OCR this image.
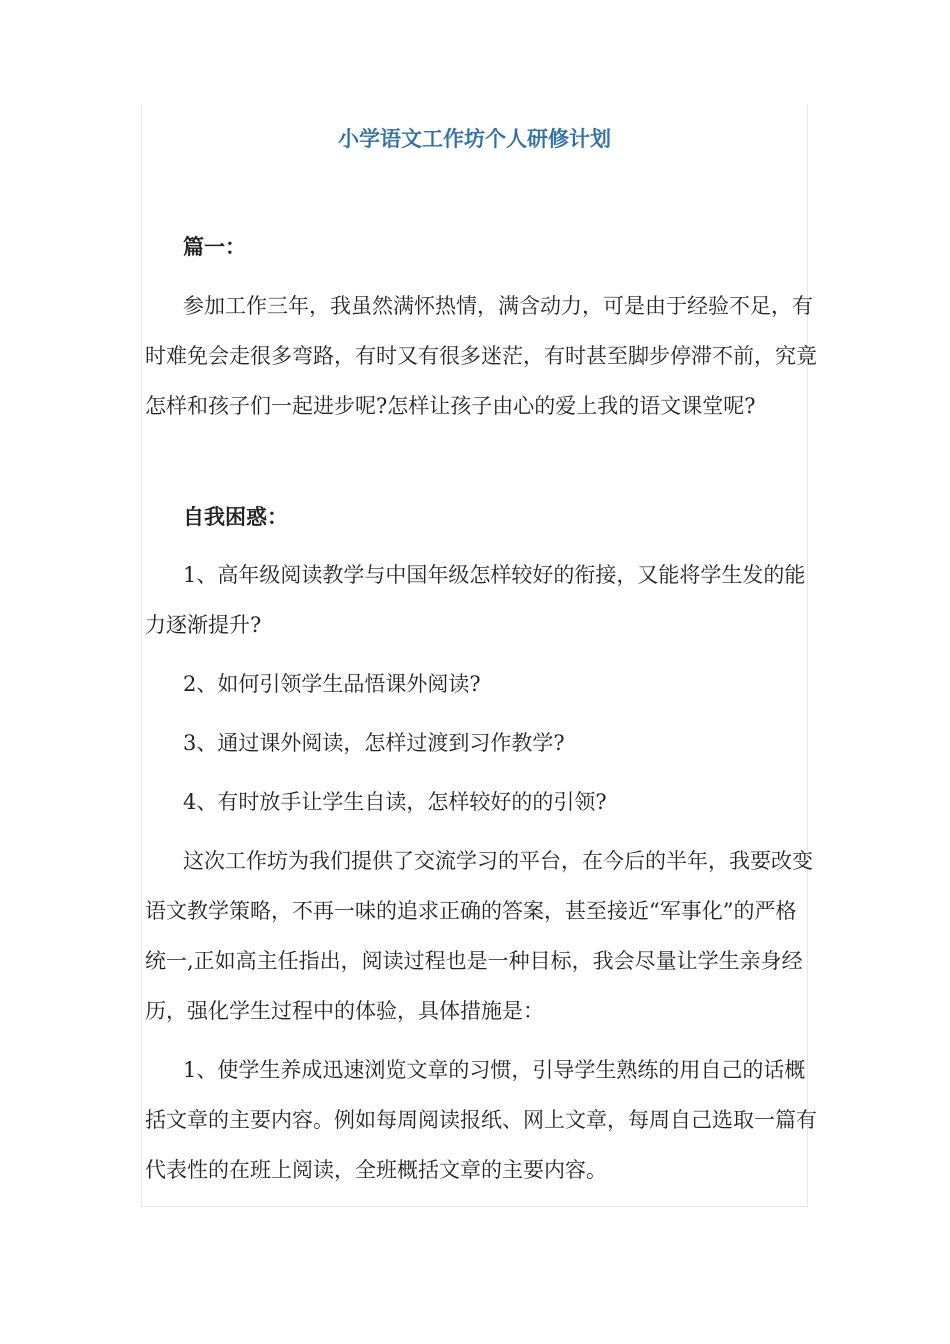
小学语文工作坊个人研修计划

篇一：

参加工作三年，我虽然满怀热情，满含动力，可是由于经验不足，有时难免会走很多弯路，有时又有很多迷茫，有时甚至脚步停滞不前，究竟怎样和孩子们一起进步呢?怎样让孩子由心的爱上我的语文课堂呢?

自我困惑：

1、高年级阅读教学与中国年级怎样较好的衔接，又能将学生发的能力逐渐提升?

2、如何引领学生品悟课外阅读?

3、通过课外阅读，怎样过渡到习作教学?

4、有时放手让学生自读，怎样较好的的引领?

这次工作坊为我们提供了交流学习的平台，在今后的半年，我要改变语文教学策略，不再一味的追求正确的答案，甚至接近“军事化”的严格统一,正如高主任指出，阅读过程也是一种目标，我会尽量让学生亲身经历，强化学生过程中的体验，具体措施是：

1、使学生养成迅速浏览文章的习惯，引导学生熟练的用自己的话概括文章的主要内容。例如每周阅读报纸、网上文章，每周自己选取一篇有代表性的在班上阅读，全班概括文章的主要内容。
